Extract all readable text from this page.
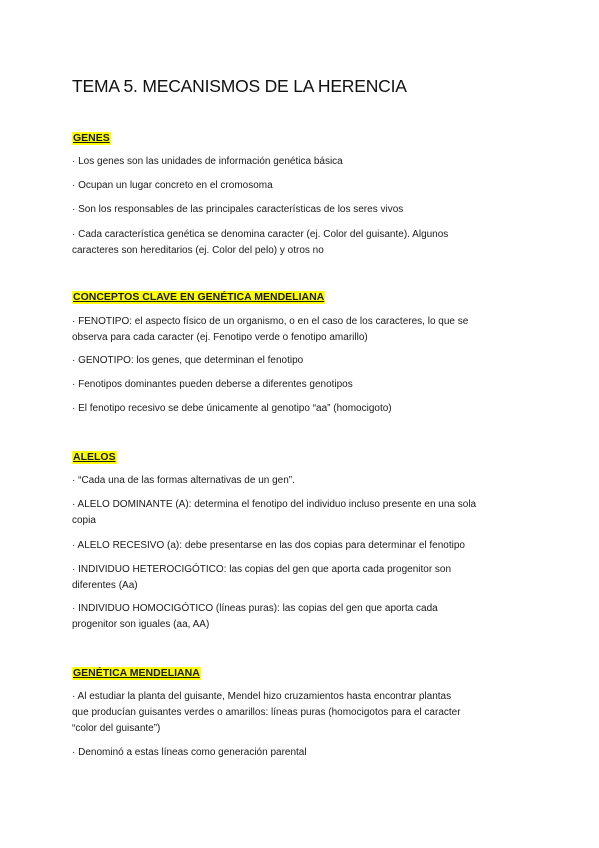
TEMA 5. MECANISMOS DE LA HERENCIA
GENES
· Los genes son las unidades de información genética básica
· Ocupan un lugar concreto en el cromosoma
· Son los responsables de las principales características de los seres vivos
· Cada característica genética se denomina caracter (ej. Color del guisante). Algunos
caracteres son hereditarios (ej. Color del pelo) y otros no
CONCEPTOS CLAVE EN GENÉTICA MENDELIANA
· FENOTIPO: el aspecto físico de un organismo, o en el caso de los caracteres, lo que se
observa para cada caracter (ej. Fenotipo verde o fenotipo amarillo)
· GENOTIPO: los genes, que determinan el fenotipo
· Fenotipos dominantes pueden deberse a diferentes genotipos
· El fenotipo recesivo se debe únicamente al genotipo “aa” (homocigoto)
ALELOS
· “Cada una de las formas alternativas de un gen”.
· ALELO DOMINANTE (A): determina el fenotipo del individuo incluso presente en una sola
copia
· ALELO RECESIVO (a): debe presentarse en las dos copias para determinar el fenotipo
· INDIVIDUO HETEROCIGÓTICO: las copias del gen que aporta cada progenitor son
diferentes (Aa)
· INDIVIDUO HOMOCIGÓTICO (líneas puras): las copias del gen que aporta cada
progenitor son iguales (aa, AA)
GENÉTICA MENDELIANA
· Al estudiar la planta del guisante, Mendel hizo cruzamientos hasta encontrar plantas
que producían guisantes verdes o amarillos: líneas puras (homocigotos para el caracter
“color del guisante”)
· Denominó a estas líneas como generación parental
